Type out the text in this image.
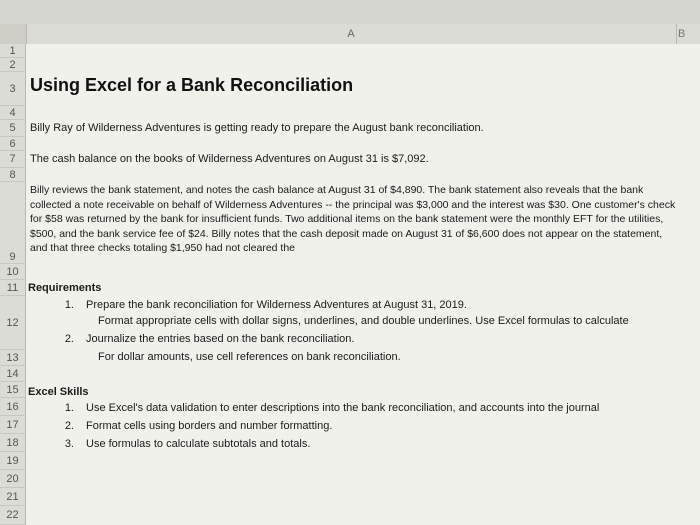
A	B
1
2
3
4
5
6
7
8
9
10
11
12
13
14
15
16
17
18
19
20
21
22
Using Excel for a Bank Reconciliation
Billy Ray of Wilderness Adventures is getting ready to prepare the August bank reconciliation.
The cash balance on the books of Wilderness Adventures on August 31 is $7,092.
Billy reviews the bank statement, and notes the cash balance at August 31 of $4,890. The bank statement also reveals that the bank collected a note receivable on behalf of Wilderness Adventures -- the principal was $3,000 and the interest was $30. One customer's check for $58 was returned by the bank for insufficient funds. Two additional items on the bank statement were the monthly EFT for the utilities, $500, and the bank service fee of $24. Billy notes that the cash deposit made on August 31 of $6,600 does not appear on the statement, and that three checks totaling $1,950 had not cleared the
Requirements
1. Prepare the bank reconciliation for Wilderness Adventures at August 31, 2019.
Format appropriate cells with dollar signs, underlines, and double underlines. Use Excel formulas to calculate
2. Journalize the entries based on the bank reconciliation.
For dollar amounts, use cell references on bank reconciliation.
Excel Skills
1. Use Excel's data validation to enter descriptions into the bank reconciliation, and accounts into the journal
2. Format cells using borders and number formatting.
3. Use formulas to calculate subtotals and totals.
